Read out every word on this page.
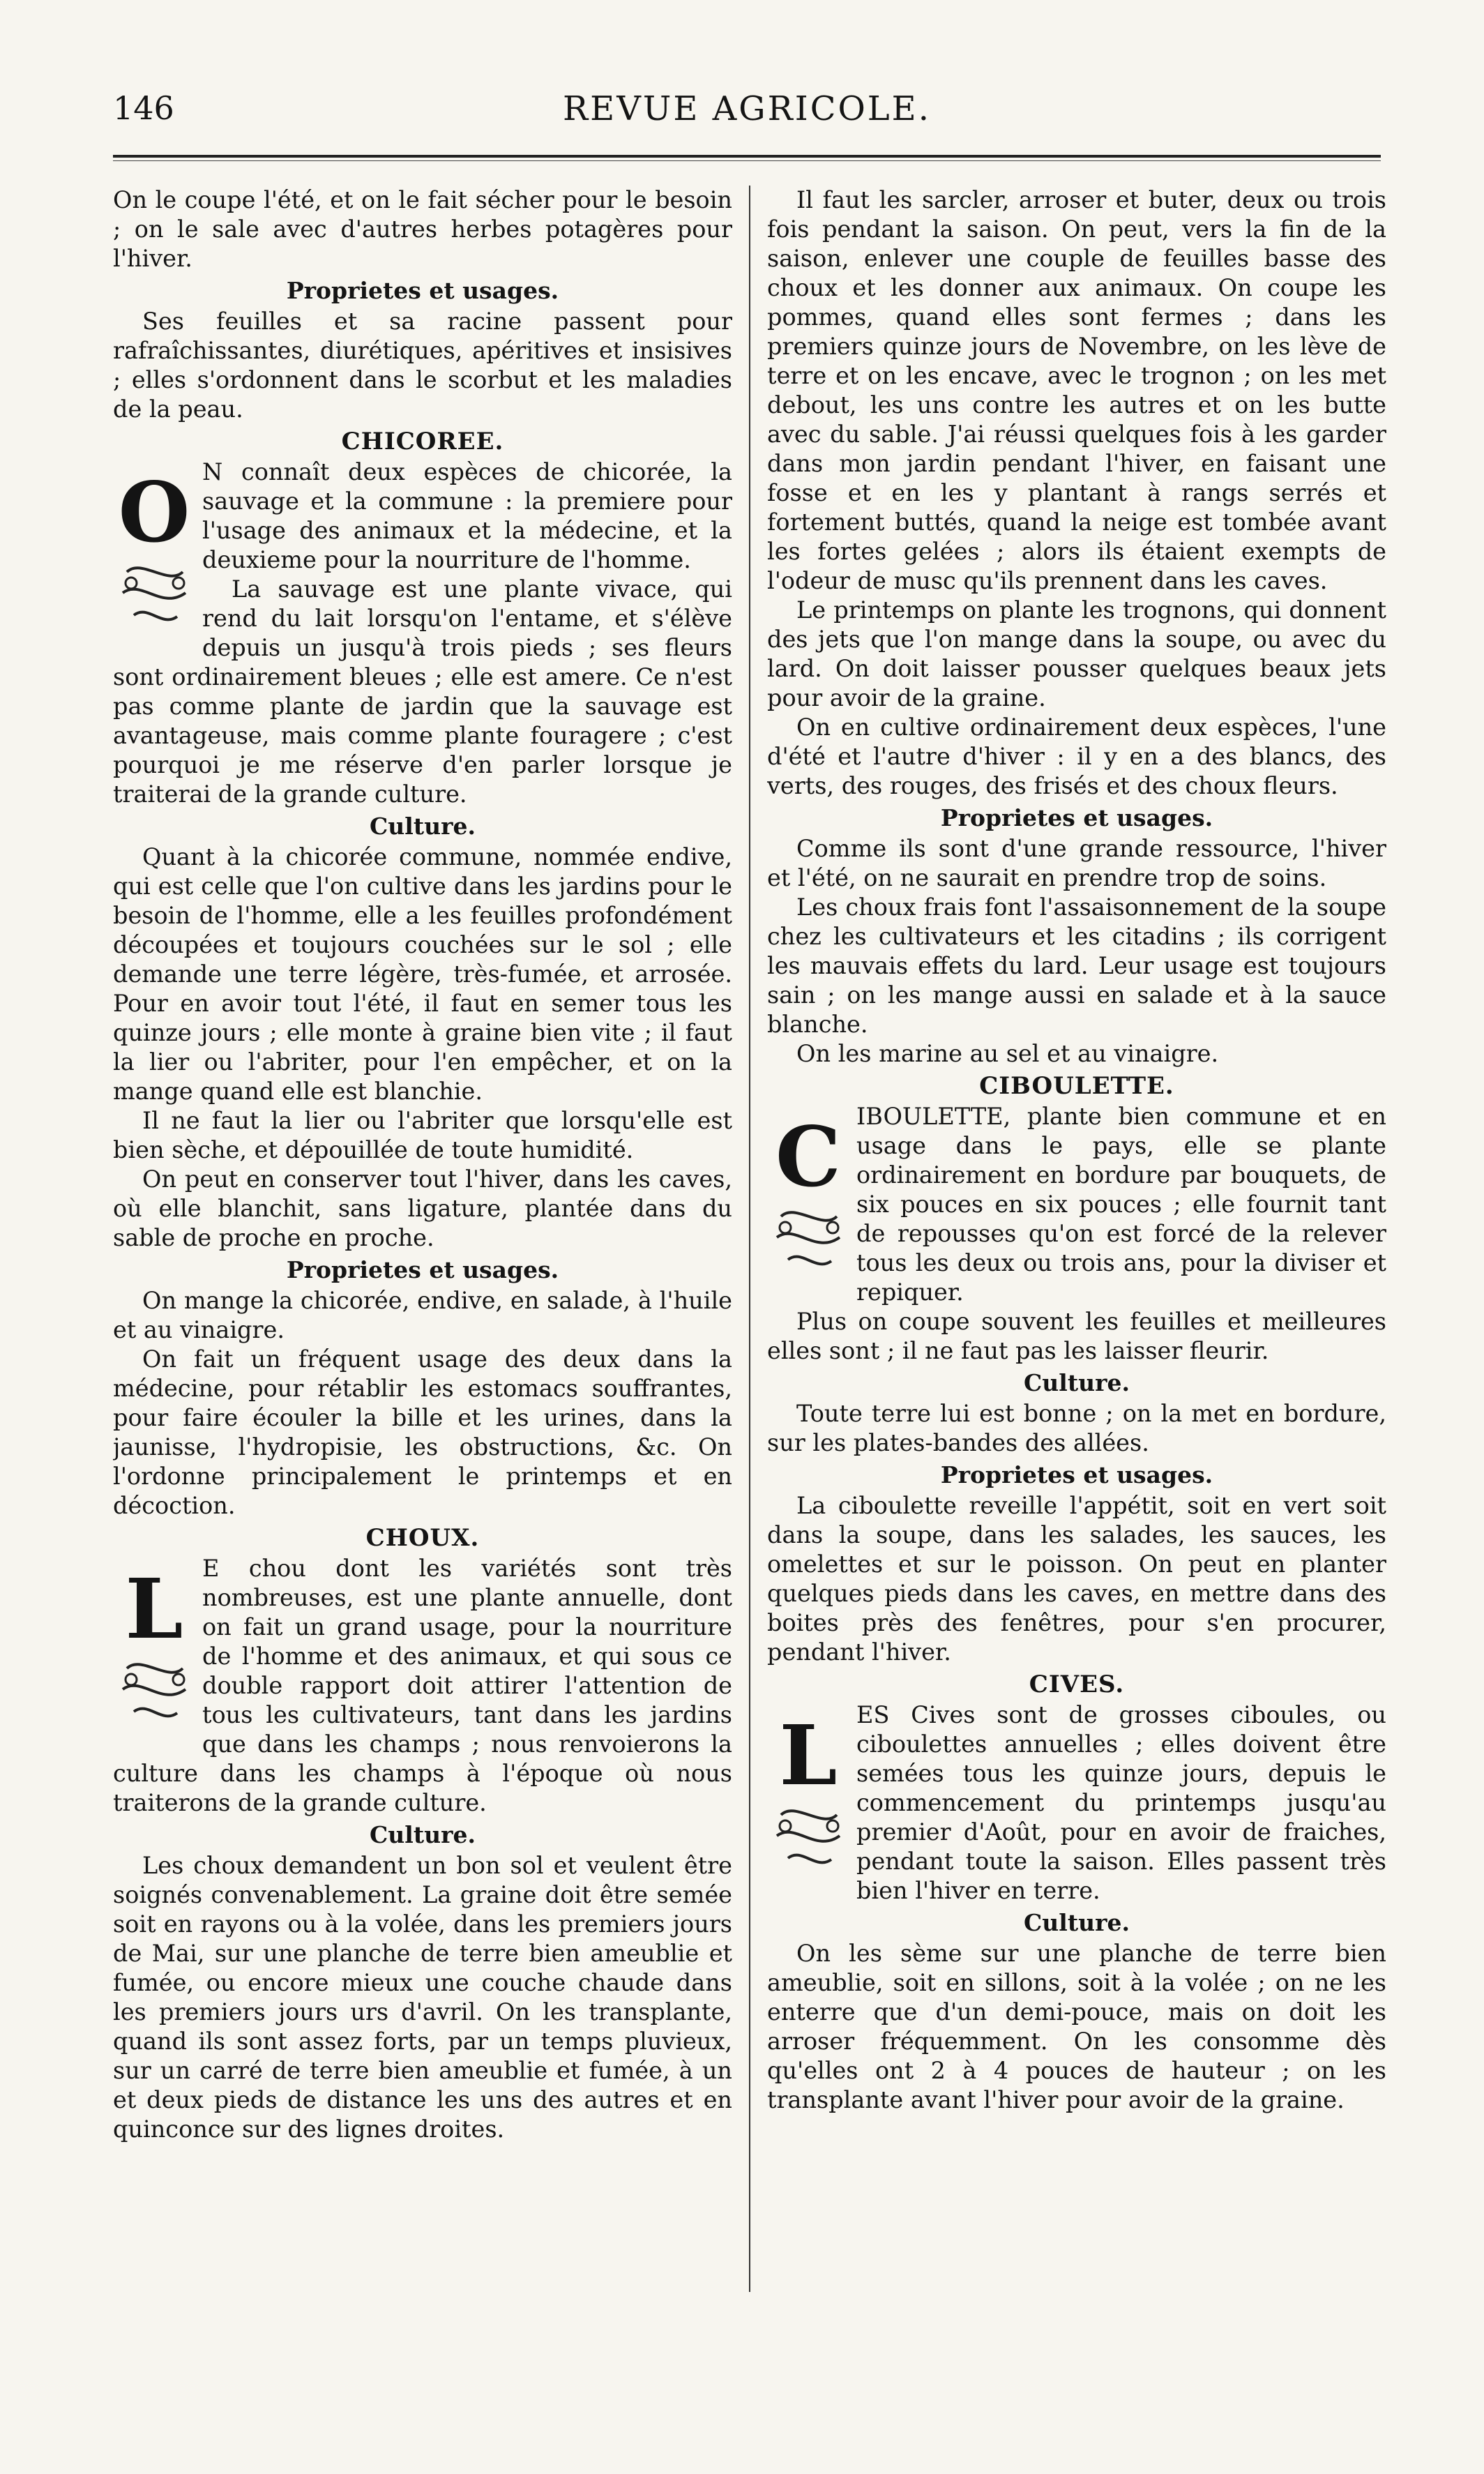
146	REVUE AGRICOLE.

On le coupe l'été, et on le fait sécher pour le besoin ; on le sale avec d'autres herbes potagères pour l'hiver.

Proprietes et usages.

Ses feuilles et sa racine passent pour rafraîchissantes, diurétiques, apéritives et insisives ; elles s'ordonnent dans le scorbut et les maladies de la peau.

CHICOREE.
O N connaît deux espèces de chicorée, la sauvage et la commune : la premiere pour l'usage des animaux et la médecine, et la deuxieme pour la nourriture de l'homme.

La sauvage est une plante vivace, qui rend du lait lorsqu'on l'entame, et s'élève depuis un jusqu'à trois pieds ; ses fleurs sont ordinairement bleues ; elle est amere. Ce n'est pas comme plante de jardin que la sauvage est avantageuse, mais comme plante fouragere ; c'est pourquoi je me réserve d'en parler lorsque je traiterai de la grande culture.

Culture.

Quant à la chicorée commune, nommée endive, qui est celle que l'on cultive dans les jardins pour le besoin de l'homme, elle a les feuilles profondément découpées et toujours couchées sur le sol ; elle demande une terre légère, très-fumée, et arrosée. Pour en avoir tout l'été, il faut en semer tous les quinze jours ; elle monte à graine bien vite ; il faut la lier ou l'abriter, pour l'en empêcher, et on la mange quand elle est blanchie.

Il ne faut la lier ou l'abriter que lorsqu'elle est bien sèche, et dépouillée de toute humidité.

On peut en conserver tout l'hiver, dans les caves, où elle blanchit, sans ligature, plantée dans du sable de proche en proche.

Proprietes et usages.

On mange la chicorée, endive, en salade, à l'huile et au vinaigre.

On fait un fréquent usage des deux dans la médecine, pour rétablir les estomacs souffrantes, pour faire écouler la bille et les urines, dans la jaunisse, l'hydropisie, les obstructions, &c. On l'ordonne principalement le printemps et en décoction.

CHOUX.
L E chou dont les variétés sont très nombreuses, est une plante annuelle, dont on fait un grand usage, pour la nourriture de l'homme et des animaux, et qui sous ce double rapport doit attirer l'attention de tous les cultivateurs, tant dans les jardins que dans les champs ; nous renvoierons la culture dans les champs à l'époque où nous traiterons de la grande culture.

Culture.

Les choux demandent un bon sol et veulent être soignés convenablement. La graine doit être semée soit en rayons ou à la volée, dans les premiers jours de Mai, sur une planche de terre bien ameublie et fumée, ou encore mieux une couche chaude dans les premiers jours urs d'avril. On les transplante, quand ils sont assez forts, par un temps pluvieux, sur un carré de terre bien ameublie et fumée, à un et deux pieds de distance les uns des autres et en quinconce sur des lignes droites.

Il faut les sarcler, arroser et buter, deux ou trois fois pendant la saison. On peut, vers la fin de la saison, enlever une couple de feuilles basse des choux et les donner aux animaux. On coupe les pommes, quand elles sont fermes ; dans les premiers quinze jours de Novembre, on les lève de terre et on les encave, avec le trognon ; on les met debout, les uns contre les autres et on les butte avec du sable. J'ai réussi quelques fois à les garder dans mon jardin pendant l'hiver, en faisant une fosse et en les y plantant à rangs serrés et fortement buttés, quand la neige est tombée avant les fortes gelées ; alors ils étaient exempts de l'odeur de musc qu'ils prennent dans les caves.

Le printemps on plante les trognons, qui donnent des jets que l'on mange dans la soupe, ou avec du lard. On doit laisser pousser quelques beaux jets pour avoir de la graine.

On en cultive ordinairement deux espèces, l'une d'été et l'autre d'hiver : il y en a des blancs, des verts, des rouges, des frisés et des choux fleurs.

Proprietes et usages.

Comme ils sont d'une grande ressource, l'hiver et l'été, on ne saurait en prendre trop de soins.

Les choux frais font l'assaisonnement de la soupe chez les cultivateurs et les citadins ; ils corrigent les mauvais effets du lard. Leur usage est toujours sain ; on les mange aussi en salade et à la sauce blanche.

On les marine au sel et au vinaigre.

CIBOULETTE.
C IBOULETTE, plante bien commune et en usage dans le pays, elle se plante ordinairement en bordure par bouquets, de six pouces en six pouces ; elle fournit tant de repousses qu'on est forcé de la relever tous les deux ou trois ans, pour la diviser et repiquer.

Plus on coupe souvent les feuilles et meilleures elles sont ; il ne faut pas les laisser fleurir.

Culture.

Toute terre lui est bonne ; on la met en bordure, sur les plates-bandes des allées.

Proprietes et usages.

La ciboulette reveille l'appétit, soit en vert soit dans la soupe, dans les salades, les sauces, les omelettes et sur le poisson. On peut en planter quelques pieds dans les caves, en mettre dans des boites près des fenêtres, pour s'en procurer, pendant l'hiver.

CIVES.
L ES Cives sont de grosses ciboules, ou ciboulettes annuelles ; elles doivent être semées tous les quinze jours, depuis le commencement du printemps jusqu'au premier d'Août, pour en avoir de fraiches, pendant toute la saison. Elles passent très bien l'hiver en terre.

Culture.

On les sème sur une planche de terre bien ameublie, soit en sillons, soit à la volée ; on ne les enterre que d'un demi-pouce, mais on doit les arroser fréquemment. On les consomme dès qu'elles ont 2 à 4 pouces de hauteur ; on les transplante avant l'hiver pour avoir de la graine.
